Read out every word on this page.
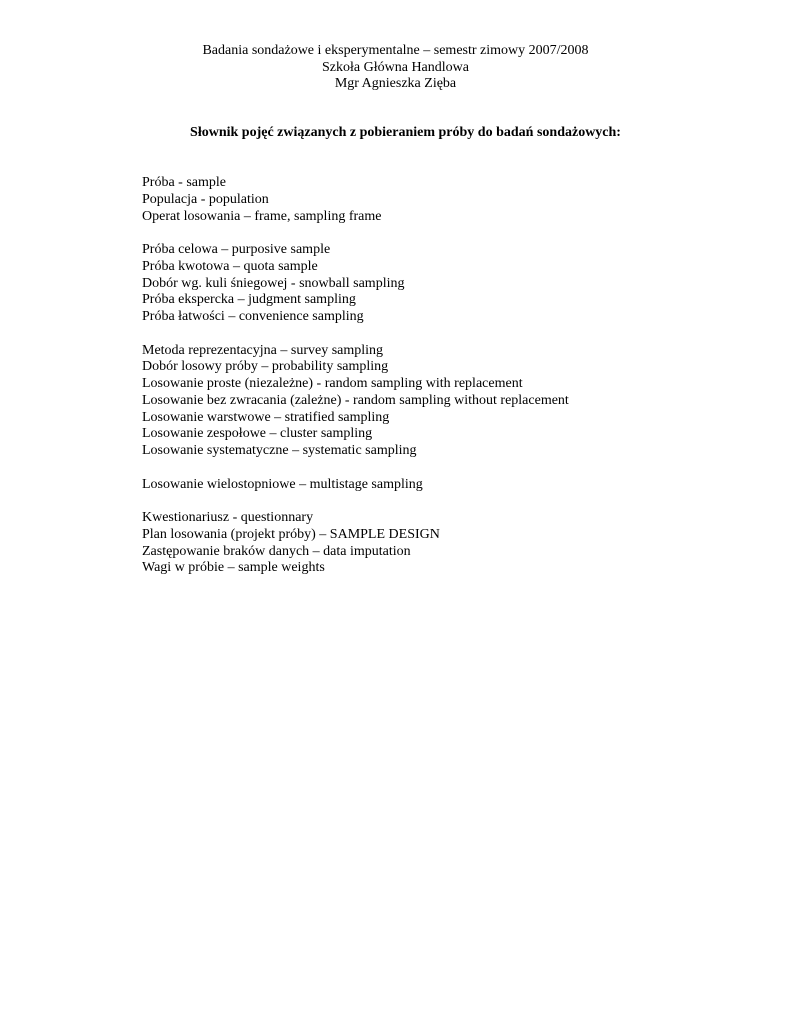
Badania sondażowe i eksperymentalne – semestr zimowy 2007/2008
Szkoła Główna Handlowa
Mgr Agnieszka Zięba
Słownik pojęć związanych z pobieraniem próby do badań sondażowych:
Próba - sample
Populacja - population
Operat losowania – frame, sampling frame
Próba celowa – purposive sample
Próba kwotowa – quota sample
Dobór wg. kuli śniegowej - snowball sampling
Próba ekspercka – judgment sampling
Próba łatwości – convenience sampling
Metoda reprezentacyjna – survey sampling
Dobór losowy próby – probability sampling
Losowanie proste (niezależne) - random sampling with replacement
Losowanie bez zwracania (zależne) - random sampling without replacement
Losowanie warstwowe – stratified sampling
Losowanie zespołowe – cluster sampling
Losowanie systematyczne – systematic sampling
Losowanie wielostopniowe – multistage sampling
Kwestionariusz - questionnary
Plan losowania (projekt próby) – SAMPLE DESIGN
Zastępowanie braków danych – data imputation
Wagi w próbie – sample weights
